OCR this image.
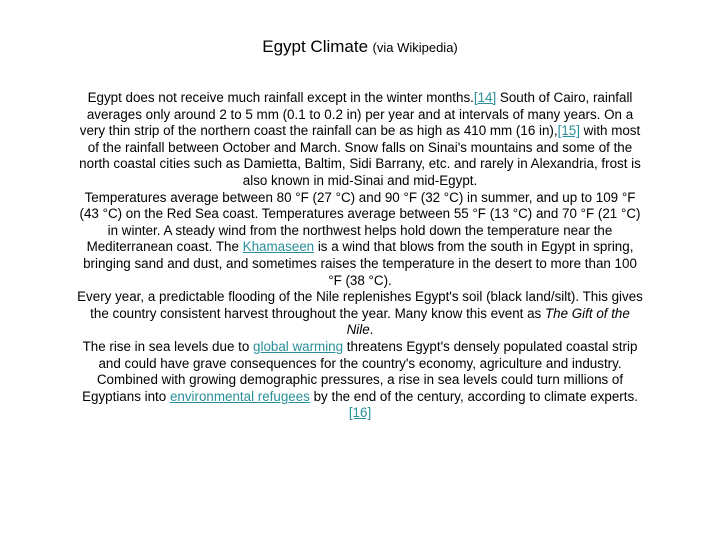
Egypt Climate (via Wikipedia)

Egypt does not receive much rainfall except in the winter months.[14] South of Cairo, rainfall averages only around 2 to 5 mm (0.1 to 0.2 in) per year and at intervals of many years. On a very thin strip of the northern coast the rainfall can be as high as 410 mm (16 in),[15] with most of the rainfall between October and March. Snow falls on Sinai's mountains and some of the north coastal cities such as Damietta, Baltim, Sidi Barrany, etc. and rarely in Alexandria, frost is also known in mid-Sinai and mid-Egypt.

Temperatures average between 80 °F (27 °C) and 90 °F (32 °C) in summer, and up to 109 °F (43 °C) on the Red Sea coast. Temperatures average between 55 °F (13 °C) and 70 °F (21 °C) in winter. A steady wind from the northwest helps hold down the temperature near the Mediterranean coast. The Khamaseen is a wind that blows from the south in Egypt in spring, bringing sand and dust, and sometimes raises the temperature in the desert to more than 100 °F (38 °C).

Every year, a predictable flooding of the Nile replenishes Egypt's soil (black land/silt). This gives the country consistent harvest throughout the year. Many know this event as The Gift of the Nile.

The rise in sea levels due to global warming threatens Egypt's densely populated coastal strip and could have grave consequences for the country's economy, agriculture and industry. Combined with growing demographic pressures, a rise in sea levels could turn millions of Egyptians into environmental refugees by the end of the century, according to climate experts.[16]
